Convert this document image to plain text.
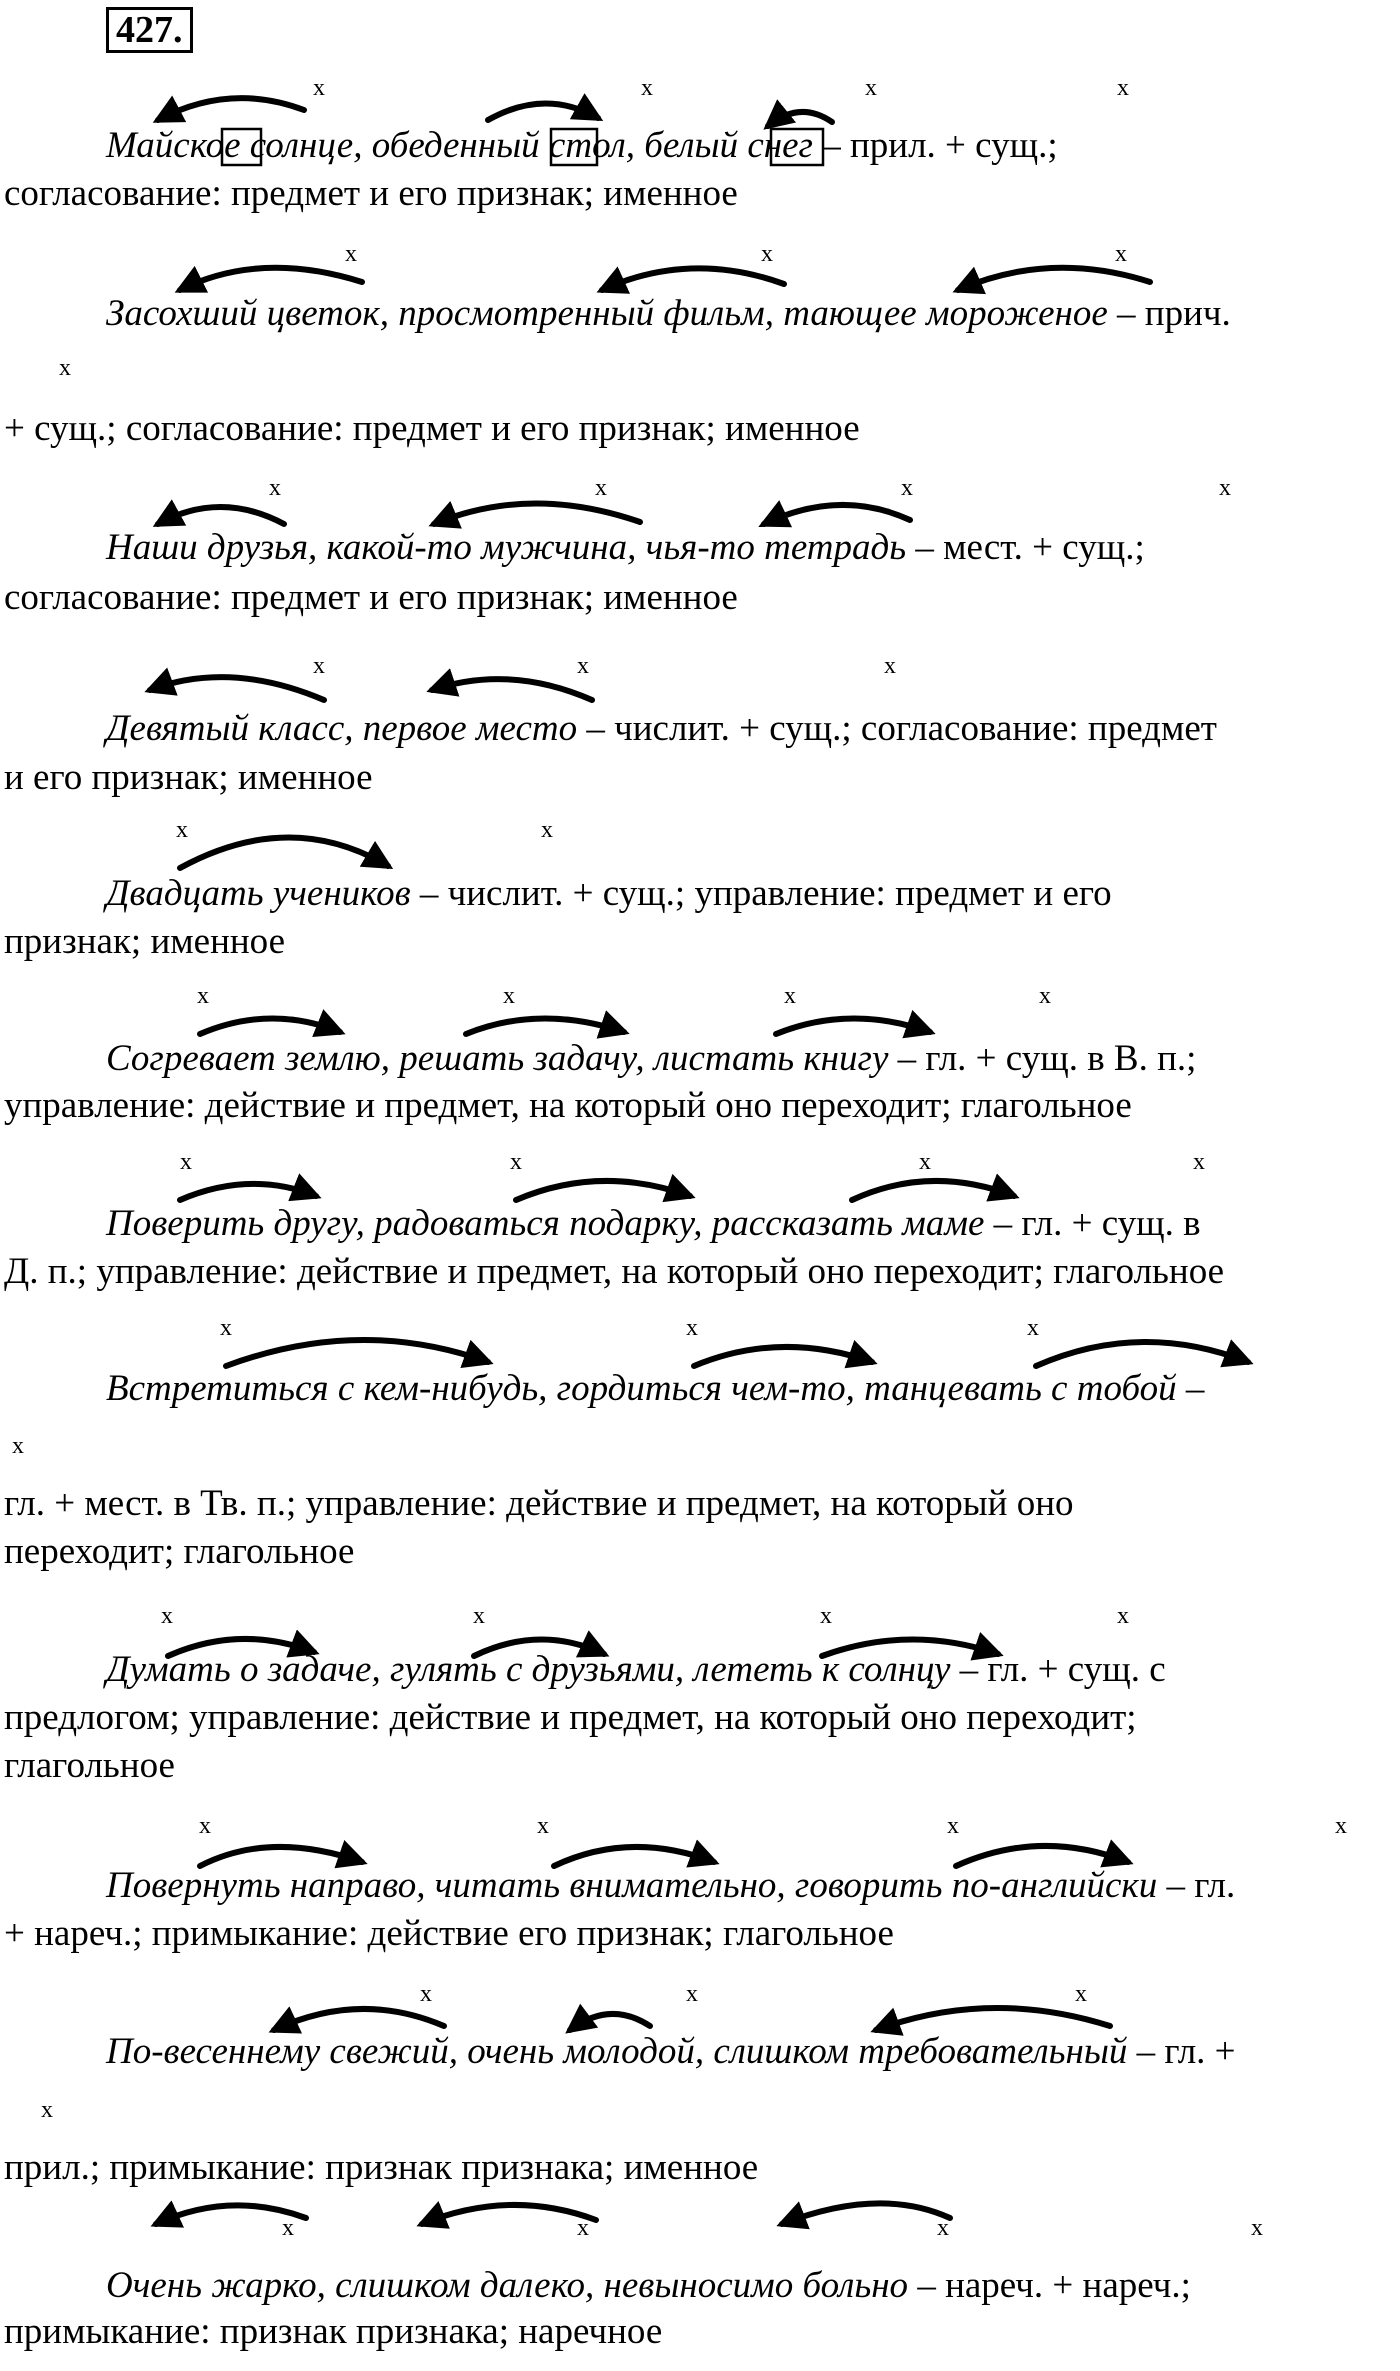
427.
x	x	x	x
x	x	x
x
x	x	x	x
x	x	x
x	x
x	x	x	x
x	x	x	x
x	x	x
x
x	x	x	x
x	x	x	x
x	x	x
x
x	x	x	x

Майское солнце, обеденный стол, белый снег – прил. + сущ.;

согласование: предмет и его признак; именное

Засохший цветок, просмотренный фильм, тающее мороженое – прич.

+ сущ.; согласование: предмет и его признак; именное

Наши друзья, какой-то мужчина, чья-то тетрадь – мест. + сущ.;

согласование: предмет и его признак; именное

Девятый класс, первое место – числит. + сущ.; согласование: предмет

и его признак; именное

Двадцать учеников – числит. + сущ.; управление: предмет и его

признак; именное

Согревает землю, решать задачу, листать книгу – гл. + сущ. в В. п.;

управление: действие и предмет, на который оно переходит; глагольное

Поверить другу, радоваться подарку, рассказать маме – гл. + сущ. в

Д. п.; управление: действие и предмет, на который оно переходит; глагольное

Встретиться с кем-нибудь, гордиться чем-то, танцевать с тобой –

гл. + мест. в Тв. п.; управление: действие и предмет, на который оно

переходит; глагольное

Думать о задаче, гулять с друзьями, лететь к солнцу – гл. + сущ. с

предлогом; управление: действие и предмет, на который оно переходит;

глагольное

Повернуть направо, читать внимательно, говорить по-английски – гл.

+ нареч.; примыкание: действие его признак; глагольное

По-весеннему свежий, очень молодой, слишком требовательный – гл. +

прил.; примыкание: признак признака; именное

Очень жарко, слишком далеко, невыносимо больно – нареч. + нареч.;

примыкание: признак признака; наречное
